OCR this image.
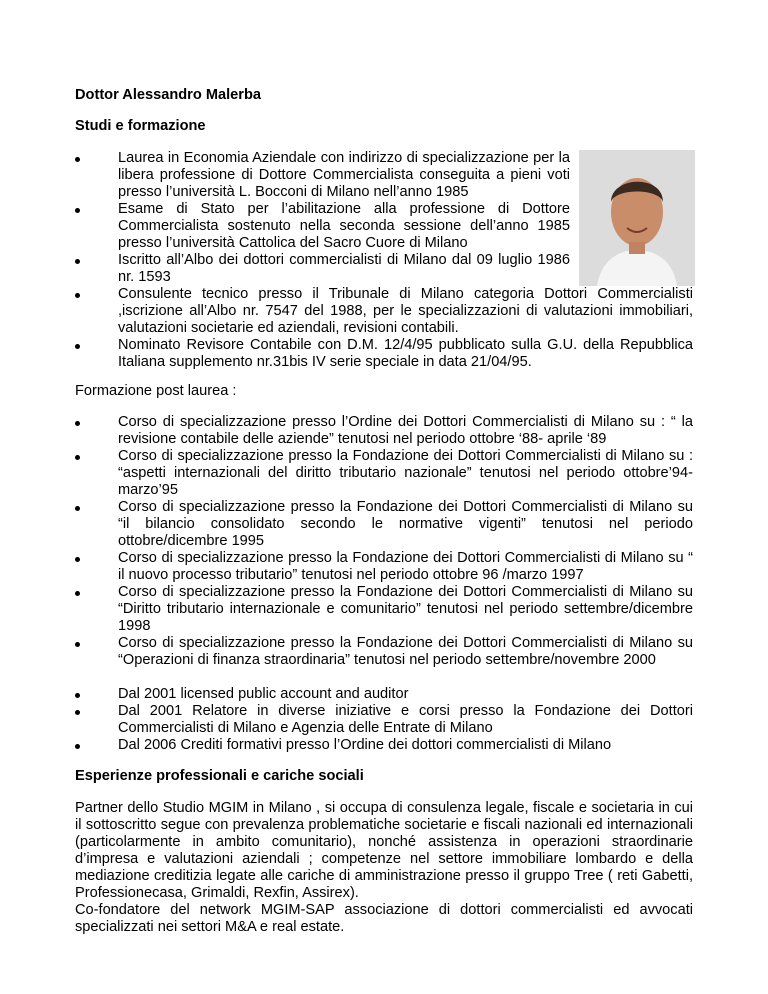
Dottor Alessandro Malerba
Studi e formazione
Laurea in Economia Aziendale con indirizzo di specializzazione per la libera professione di Dottore Commercialista conseguita a pieni voti presso l’università L. Bocconi di Milano nell’anno 1985
Esame di Stato per l’abilitazione alla professione di Dottore Commercialista sostenuto nella seconda sessione dell’anno 1985 presso l’università Cattolica del Sacro Cuore di Milano
Iscritto all’Albo dei dottori commercialisti di Milano dal 09 luglio 1986 nr. 1593
Consulente tecnico presso il Tribunale di Milano categoria Dottori Commercialisti ,iscrizione all’Albo nr. 7547 del 1988, per le specializzazioni di valutazioni immobiliari, valutazioni societarie ed aziendali, revisioni contabili.
Nominato Revisore Contabile con D.M. 12/4/95 pubblicato sulla G.U. della Repubblica Italiana supplemento nr.31bis IV serie speciale in data 21/04/95.
Formazione post laurea :
Corso di specializzazione presso l’Ordine dei Dottori Commercialisti di Milano su : “ la revisione contabile delle aziende” tenutosi nel periodo ottobre ‘88- aprile ‘89
Corso di specializzazione presso la Fondazione dei Dottori Commercialisti di Milano su : “aspetti internazionali del diritto tributario nazionale” tenutosi nel periodo ottobre’94- marzo’95
Corso di specializzazione presso la Fondazione dei Dottori Commercialisti di Milano su “il bilancio consolidato secondo le normative vigenti” tenutosi nel periodo ottobre/dicembre 1995
Corso di specializzazione presso la Fondazione dei Dottori Commercialisti di Milano su “ il nuovo processo tributario” tenutosi nel periodo ottobre 96 /marzo 1997
Corso di specializzazione presso la Fondazione dei Dottori Commercialisti di Milano su “Diritto tributario internazionale e comunitario” tenutosi nel periodo settembre/dicembre 1998
Corso di specializzazione presso la Fondazione dei Dottori Commercialisti di Milano su “Operazioni di finanza straordinaria” tenutosi nel periodo settembre/novembre 2000
Dal 2001 licensed public account and auditor
Dal 2001 Relatore in diverse iniziative e corsi presso la Fondazione dei Dottori Commercialisti di Milano e Agenzia delle Entrate di Milano
Dal 2006 Crediti formativi presso l’Ordine dei dottori commercialisti di Milano
Esperienze professionali e cariche sociali
Partner dello Studio MGIM in Milano , si occupa di consulenza legale, fiscale e societaria in cui il sottoscritto segue con prevalenza problematiche societarie e fiscali nazionali ed internazionali (particolarmente in ambito comunitario), nonché assistenza in operazioni straordinarie d’impresa e valutazioni aziendali ; competenze nel settore immobiliare lombardo e della mediazione creditizia legate alle cariche di amministrazione presso il gruppo Tree ( reti Gabetti, Professionecasa, Grimaldi, Rexfin, Assirex).
Co-fondatore del network MGIM-SAP associazione di dottori commercialisti ed avvocati specializzati nei settori M&A e real estate.
